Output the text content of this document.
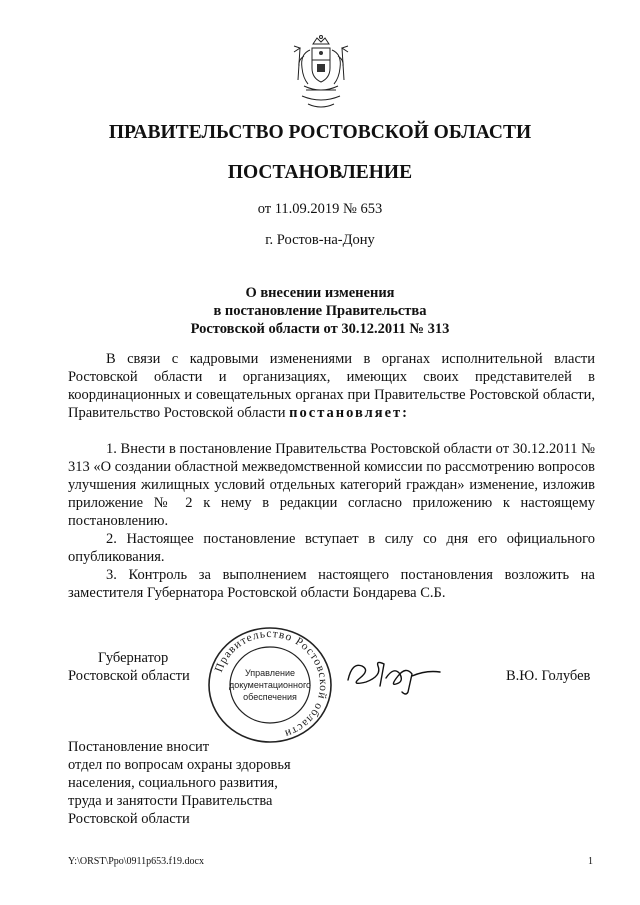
ПРАВИТЕЛЬСТВО РОСТОВСКОЙ ОБЛАСТИ
ПОСТАНОВЛЕНИЕ
от 11.09.2019 № 653
г. Ростов-на-Дону
О внесении изменения
в постановление Правительства
Ростовской области от 30.12.2011 № 313
В связи с кадровыми изменениями в органах исполнительной власти Ростовской области и организациях, имеющих своих представителей в координационных и совещательных органах при Правительстве Ростовской области, Правительство Ростовской области постановляет:
1. Внести в постановление Правительства Ростовской области от 30.12.2011 № 313 «О создании областной межведомственной комиссии по рассмотрению вопросов улучшения жилищных условий отдельных категорий граждан» изменение, изложив приложение № 2 к нему в редакции согласно приложению к настоящему постановлению.
2. Настоящее постановление вступает в силу со дня его официального опубликования.
3. Контроль за выполнением настоящего постановления возложить на заместителя Губернатора Ростовской области Бондарева С.Б.
Губернатор
Ростовской области
Правительство Ростовской области
Управление
документационного
обеспечения
В.Ю. Голубев
Постановление вносит
отдел по вопросам охраны здоровья
населения, социального развития,
труда и занятости Правительства
Ростовской области
Y:\ORST\Ppo\0911p653.f19.docx	1
